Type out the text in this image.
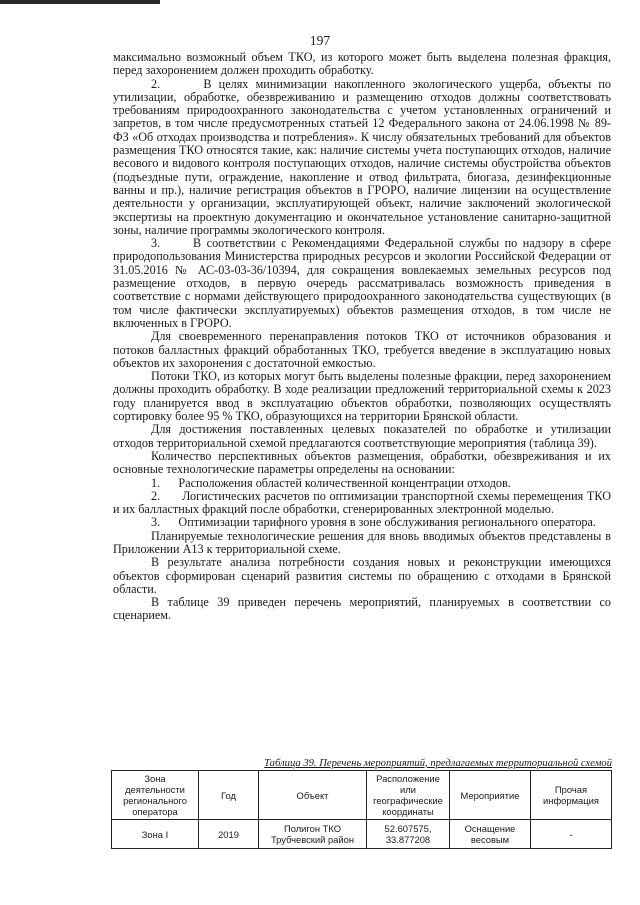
197

максимально возможный объем ТКО, из которого может быть выделена полезная фракция, перед захоронением должен проходить обработку.

2.      В целях минимизации накопленного экологического ущерба, объекты по утилизации, обработке, обезвреживанию и размещению отходов должны соответствовать требованиям природоохранного законодательства с учетом установленных ограничений и запретов, в том числе предусмотренных статьей 12 Федерального закона от 24.06.1998 № 89-ФЗ «Об отходах производства и потребления». К числу обязательных требований для объектов размещения ТКО относятся такие, как: наличие системы учета поступающих отходов, наличие весового и видового контроля поступающих отходов, наличие системы обустройства объектов (подъездные пути, ограждение, накопление и отвод фильтрата, биогаза, дезинфекционные ванны и пр.), наличие регистрация объектов в ГРОРО, наличие лицензии на осуществление деятельности у организации, эксплуатирующей объект, наличие заключений экологической экспертизы на проектную документацию и окончательное установление санитарно-защитной зоны, наличие программы экологического контроля.

3.      В соответствии с Рекомендациями Федеральной службы по надзору в сфере природопользования Министерства природных ресурсов и экологии Российской Федерации от 31.05.2016 № АС-03-03-36/10394, для сокращения вовлекаемых земельных ресурсов под размещение отходов, в первую очередь рассматривалась возможность приведения в соответствие с нормами действующего природоохранного законодательства существующих (в том числе фактически эксплуатируемых) объектов размещения отходов, в том числе не включенных в ГРОРО.

Для своевременного перенаправления потоков ТКО от источников образования и потоков балластных фракций обработанных ТКО, требуется введение в эксплуатацию новых объектов их захоронения с достаточной емкостью.

Потоки ТКО, из которых могут быть выделены полезные фракции, перед захоронением должны проходить обработку. В ходе реализации предложений территориальной схемы к 2023 году планируется ввод в эксплуатацию объектов обработки, позволяющих осуществлять сортировку более 95 % ТКО, образующихся на территории Брянской области.

Для достижения поставленных целевых показателей по обработке и утилизации отходов территориальной схемой предлагаются соответствующие мероприятия (таблица 39).

Количество перспективных объектов размещения, обработки, обезвреживания и их основные технологические параметры определены на основании:

1.      Расположения областей количественной концентрации отходов.

2.      Логистических расчетов по оптимизации транспортной схемы перемещения ТКО и их балластных фракций после обработки, сгенерированных электронной моделью.

3.      Оптимизации тарифного уровня в зоне обслуживания регионального оператора.

Планируемые технологические решения для вновь вводимых объектов представлены в Приложении А13 к территориальной схеме.

В результате анализа потребности создания новых и реконструкции имеющихся объектов сформирован сценарий развития системы по обращению с отходами в Брянской области.

В таблице 39 приведен перечень мероприятий, планируемых в соответствии со сценарием.

Таблица 39. Перечень мероприятий, предлагаемых территориальной схемой
Зона деятельности регионального оператора	Год	Объект	Расположение или географические координаты	Мероприятие	Прочая информация
Зона I	2019	Полигон ТКО Трубчевский район	52.607575, 33.877208	Оснащение весовым	-
